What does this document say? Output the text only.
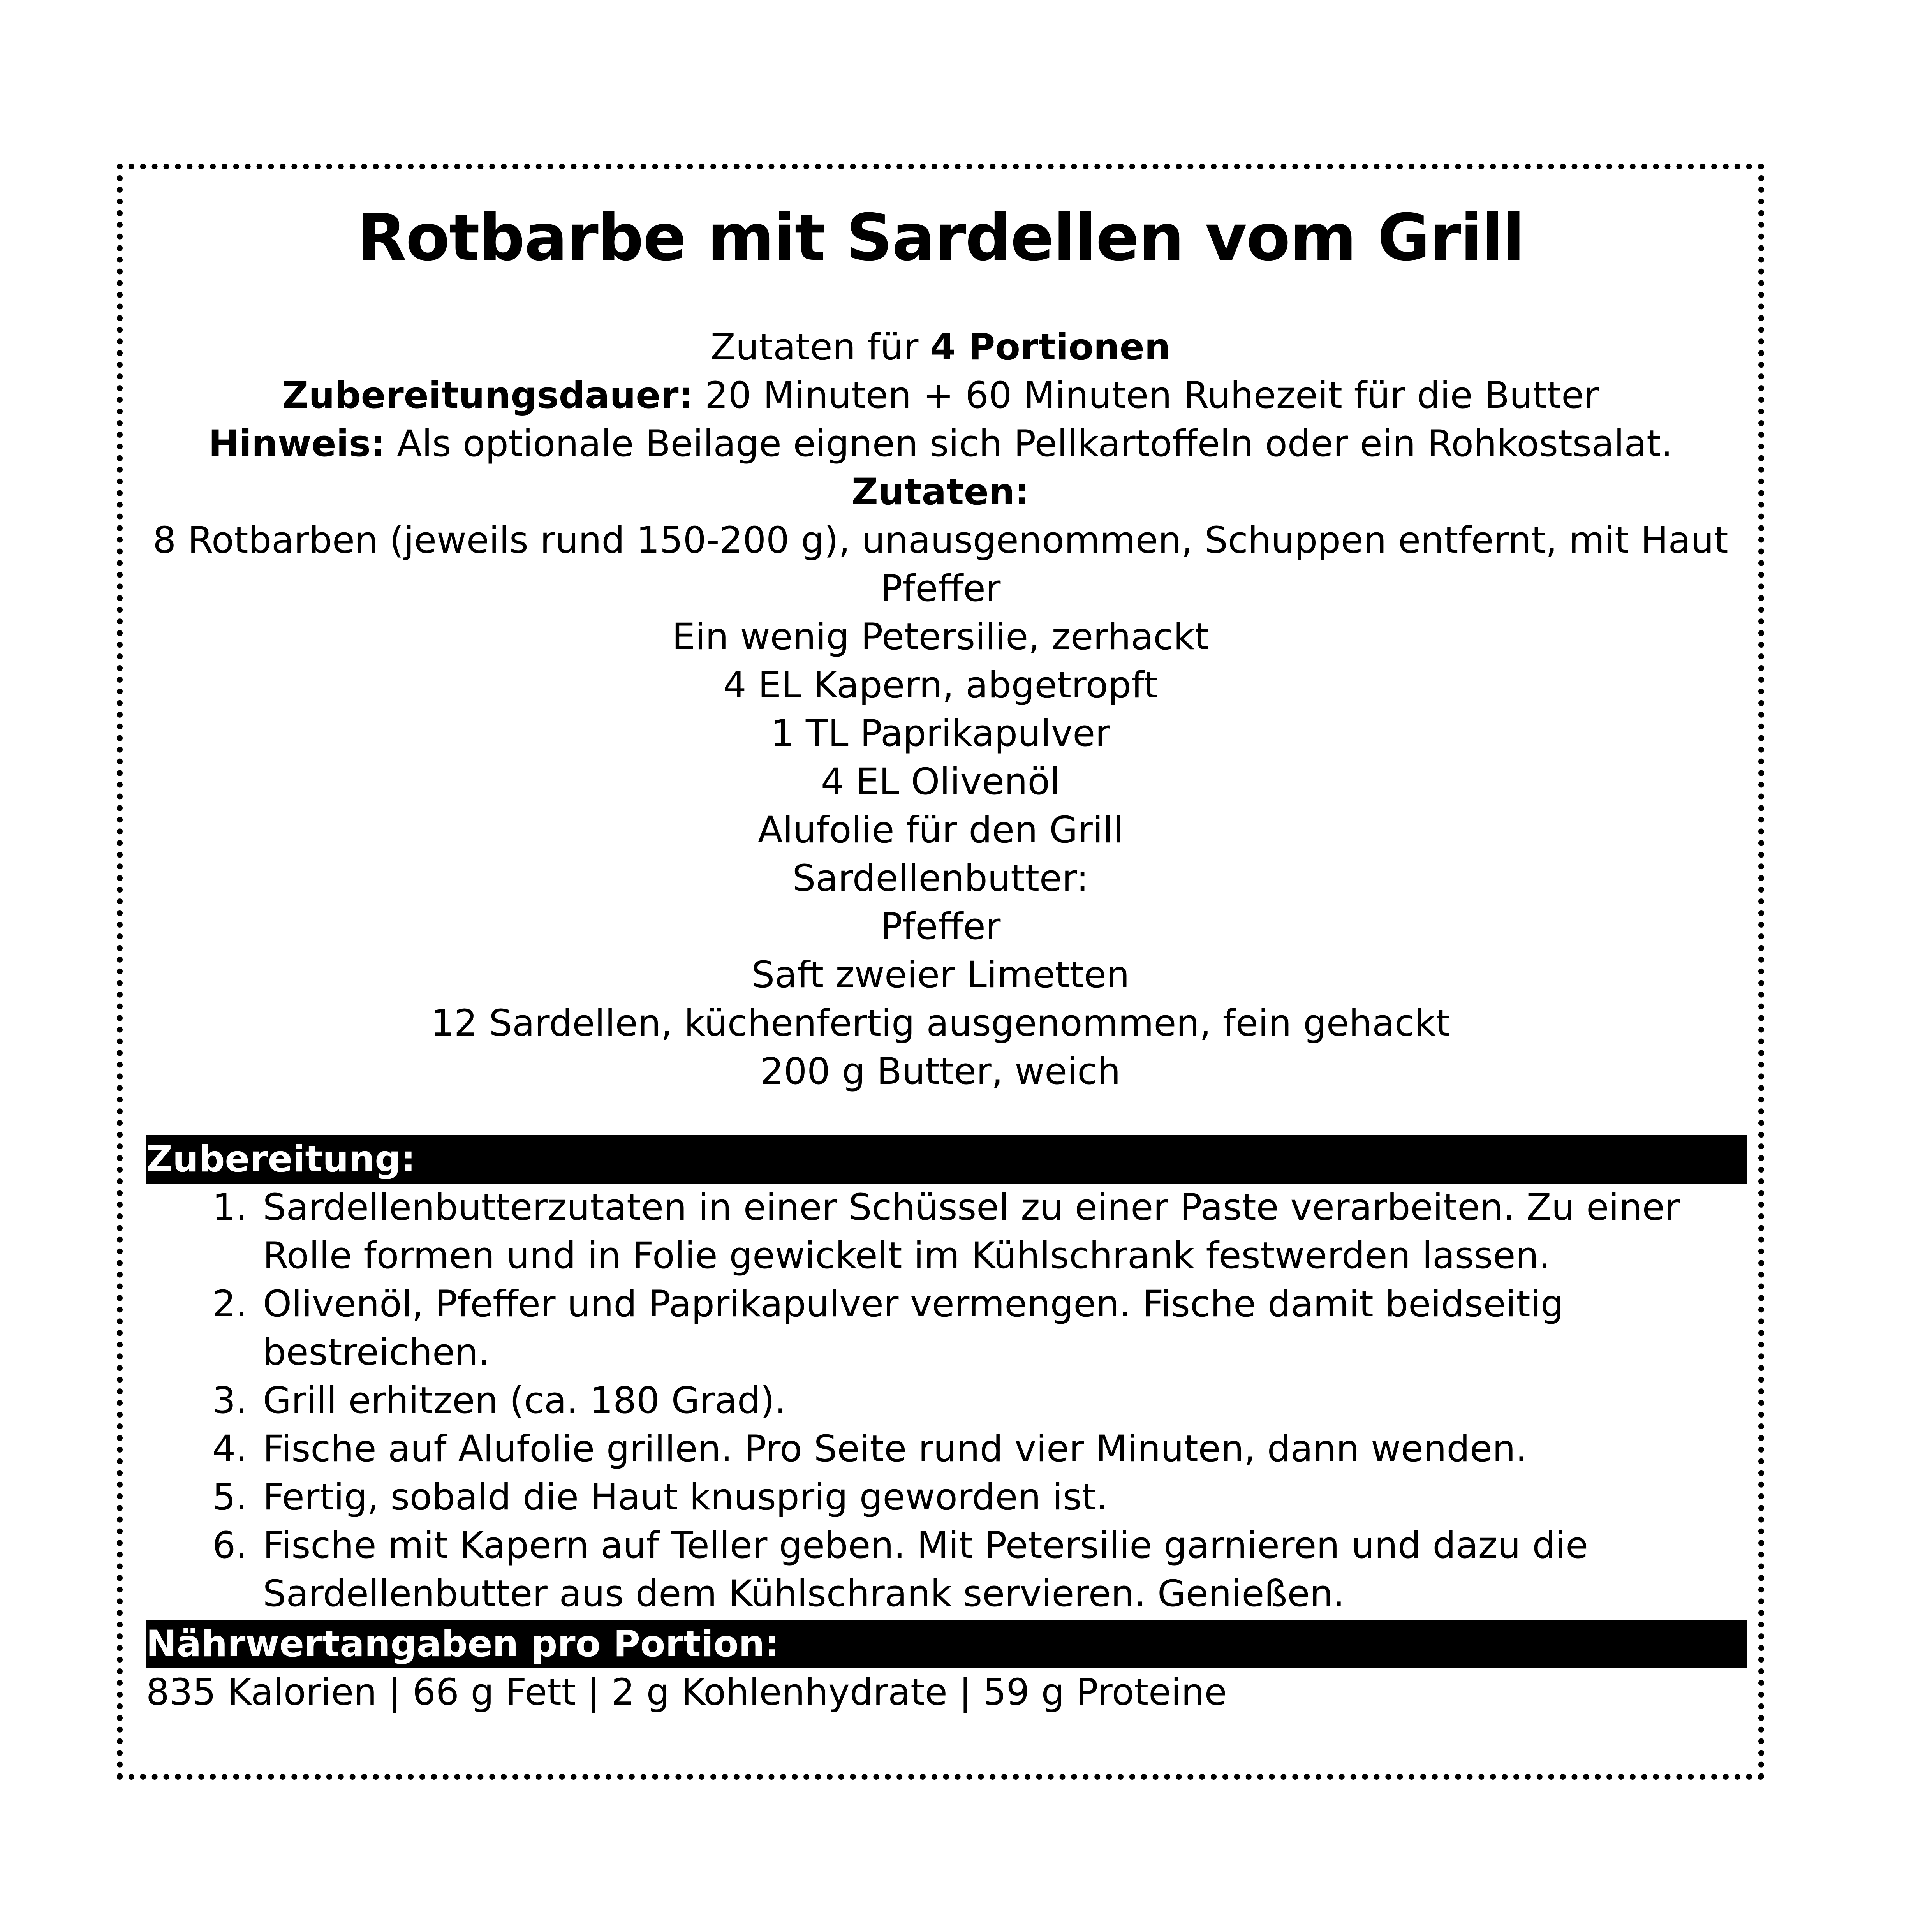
Rotbarbe mit Sardellen vom Grill
Zutaten für 4 Portionen
Zubereitungsdauer: 20 Minuten + 60 Minuten Ruhezeit für die Butter
Hinweis: Als optionale Beilage eignen sich Pellkartoffeln oder ein Rohkostsalat.
Zutaten:
8 Rotbarben (jeweils rund 150-200 g), unausgenommen, Schuppen entfernt, mit Haut
Pfeffer
Ein wenig Petersilie, zerhackt
4 EL Kapern, abgetropft
1 TL Paprikapulver
4 EL Olivenöl
Alufolie für den Grill
Sardellenbutter:
Pfeffer
Saft zweier Limetten
12 Sardellen, küchenfertig ausgenommen, fein gehackt
200 g Butter, weich
Zubereitung:
1. Sardellenbutterzutaten in einer Schüssel zu einer Paste verarbeiten. Zu einer Rolle formen und in Folie gewickelt im Kühlschrank festwerden lassen.
2. Olivenöl, Pfeffer und Paprikapulver vermengen. Fische damit beidseitig bestreichen.
3. Grill erhitzen (ca. 180 Grad).
4. Fische auf Alufolie grillen. Pro Seite rund vier Minuten, dann wenden.
5. Fertig, sobald die Haut knusprig geworden ist.
6. Fische mit Kapern auf Teller geben. Mit Petersilie garnieren und dazu die Sardellenbutter aus dem Kühlschrank servieren. Genießen.
Nährwertangaben pro Portion:
835 Kalorien | 66 g Fett | 2 g Kohlenhydrate | 59 g Proteine
